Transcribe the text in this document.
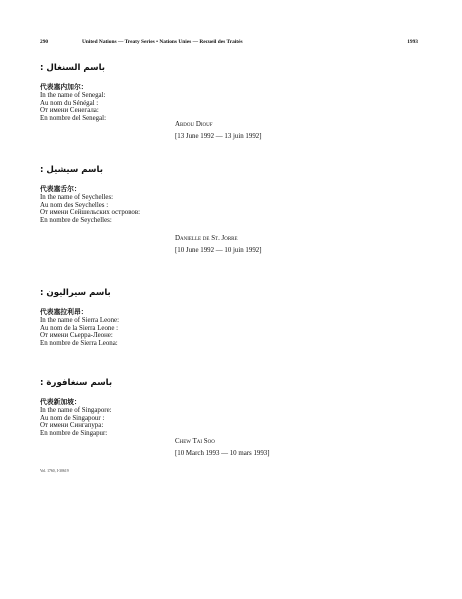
290	United Nations — Treaty Series • Nations Unies — Recueil des Traités	1993
باسم السنغال :
代表塞内加尔：
In the name of Senegal:
Au nom du Sénégal :
От имени Сенегала:
En nombre del Senegal:
Abdou Diouf
[13 June 1992 — 13 juin 1992]
باسم سيشيل :
代表塞舌尔：
In the name of Seychelles:
Au nom des Seychelles :
От имени Сейшельских островов:
En nombre de Seychelles:
Danielle de St. Jorre
[10 June 1992 — 10 juin 1992]
باسم سيراليون :
代表塞拉利昂：
In the name of Sierra Leone:
Au nom de la Sierra Leone :
От имени Сьерра-Леоне:
En nombre de Sierra Leona:
باسم سنغافورة :
代表新加坡：
In the name of Singapore:
Au nom de Singapour :
От имени Сингапура:
En nombre de Singapur:
Chew Tai Soo
[10 March 1993 — 10 mars 1993]
Vol. 1760, I-30619
